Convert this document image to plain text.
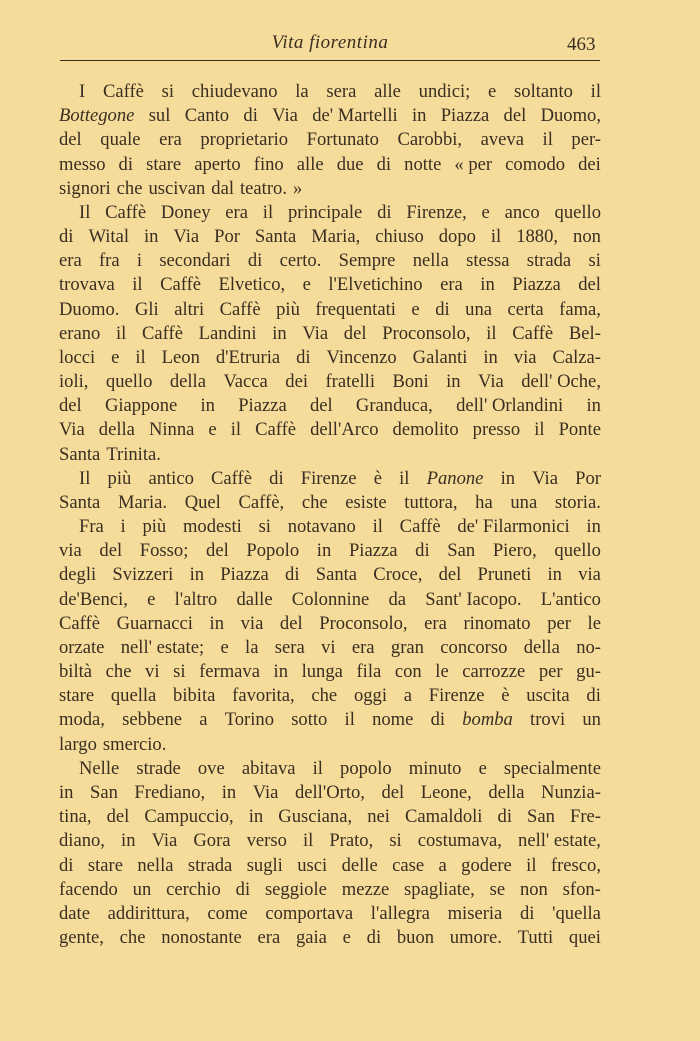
Vita fiorentina	463
I Caffè si chiudevano la sera alle undici; e soltanto il
Bottegone sul Canto di Via de' Martelli in Piazza del Duomo,
del quale era proprietario Fortunato Carobbi, aveva il per-
messo di stare aperto fino alle due di notte « per comodo dei
signori che uscivan dal teatro. »
Il Caffè Doney era il principale di Firenze, e anco quello
di Wital in Via Por Santa Maria, chiuso dopo il 1880, non
era fra i secondari di certo. Sempre nella stessa strada si
trovava il Caffè Elvetico, e l'Elvetichino era in Piazza del
Duomo. Gli altri Caffè più frequentati e di una certa fama,
erano il Caffè Landini in Via del Proconsolo, il Caffè Bel-
locci e il Leon d'Etruria di Vincenzo Galanti in via Calza-
ioli, quello della Vacca dei fratelli Boni in Via dell' Oche,
del Giappone in Piazza del Granduca, dell' Orlandini in
Via della Ninna e il Caffè dell'Arco demolito presso il Ponte
Santa Trinita.
Il più antico Caffè di Firenze è il Panone in Via Por
Santa Maria. Quel Caffè, che esiste tuttora, ha una storia.
Fra i più modesti si notavano il Caffè de' Filarmonici in
via del Fosso; del Popolo in Piazza di San Piero, quello
degli Svizzeri in Piazza di Santa Croce, del Pruneti in via
de'Benci, e l'altro dalle Colonnine da Sant' Iacopo. L'antico
Caffè Guarnacci in via del Proconsolo, era rinomato per le
orzate nell' estate; e la sera vi era gran concorso della no-
biltà che vi si fermava in lunga fila con le carrozze per gu-
stare quella bibita favorita, che oggi a Firenze è uscita di
moda, sebbene a Torino sotto il nome di bomba trovi un
largo smercio.
Nelle strade ove abitava il popolo minuto e specialmente
in San Frediano, in Via dell'Orto, del Leone, della Nunzia-
tina, del Campuccio, in Gusciana, nei Camaldoli di San Fre-
diano, in Via Gora verso il Prato, si costumava, nell' estate,
di stare nella strada sugli usci delle case a godere il fresco,
facendo un cerchio di seggiole mezze spagliate, se non sfon-
date addirittura, come comportava l'allegra miseria di 'quella
gente, che nonostante era gaia e di buon umore. Tutti quei
